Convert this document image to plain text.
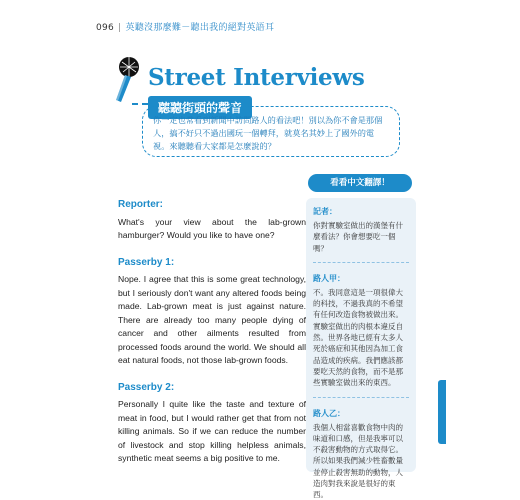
096 | 英聽沒那麼難－聽出我的絕對英語耳
Street Interviews
聽聽街頭的聲音
你一定也常看到新聞中訪問路人的看法吧！別以為你不會是那個人，搞不好只不過出國玩一個轉拜，就莫名其妙上了國外的電視。來聽聽看大家都是怎麼說的？
Reporter:
What's your view about the lab-grown hamburger? Would you like to have one?
Passerby 1:
Nope. I agree that this is some great technology, but I seriously don't want any altered foods being made. Lab-grown meat is just against nature. There are already too many people dying of cancer and other ailments resulted from processed foods around the world. We should all eat natural foods, not those lab-grown foods.
Passerby 2:
Personally I quite like the taste and texture of meat in food, but I would rather get that from not killing animals. So if we can reduce the number of livestock and stop killing helpless animals, synthetic meat seems a big positive to me.
看看中文翻譯！
記者：
你對實驗室做出的漢堡有什麼看法？你會想要吃一個嗎？
路人甲：
不。我同意這是一項很偉大的科技，不過我真的不希望有任何改造食物被做出來。實驗室做出的肉根本違反自然。世界各地已經有太多人死於癌症和其他因為加工食品造成的疾病。我們應該都要吃天然的食物，而不是那些實驗室做出來的東西。
路人乙：
我個人相當喜歡食物中肉的味道和口感，但是我寧可以不殺害動物的方式取得它。所以如果我們減少牲畜數量並停止殺害無助的動物，人造肉對我來說是很好的東西。
